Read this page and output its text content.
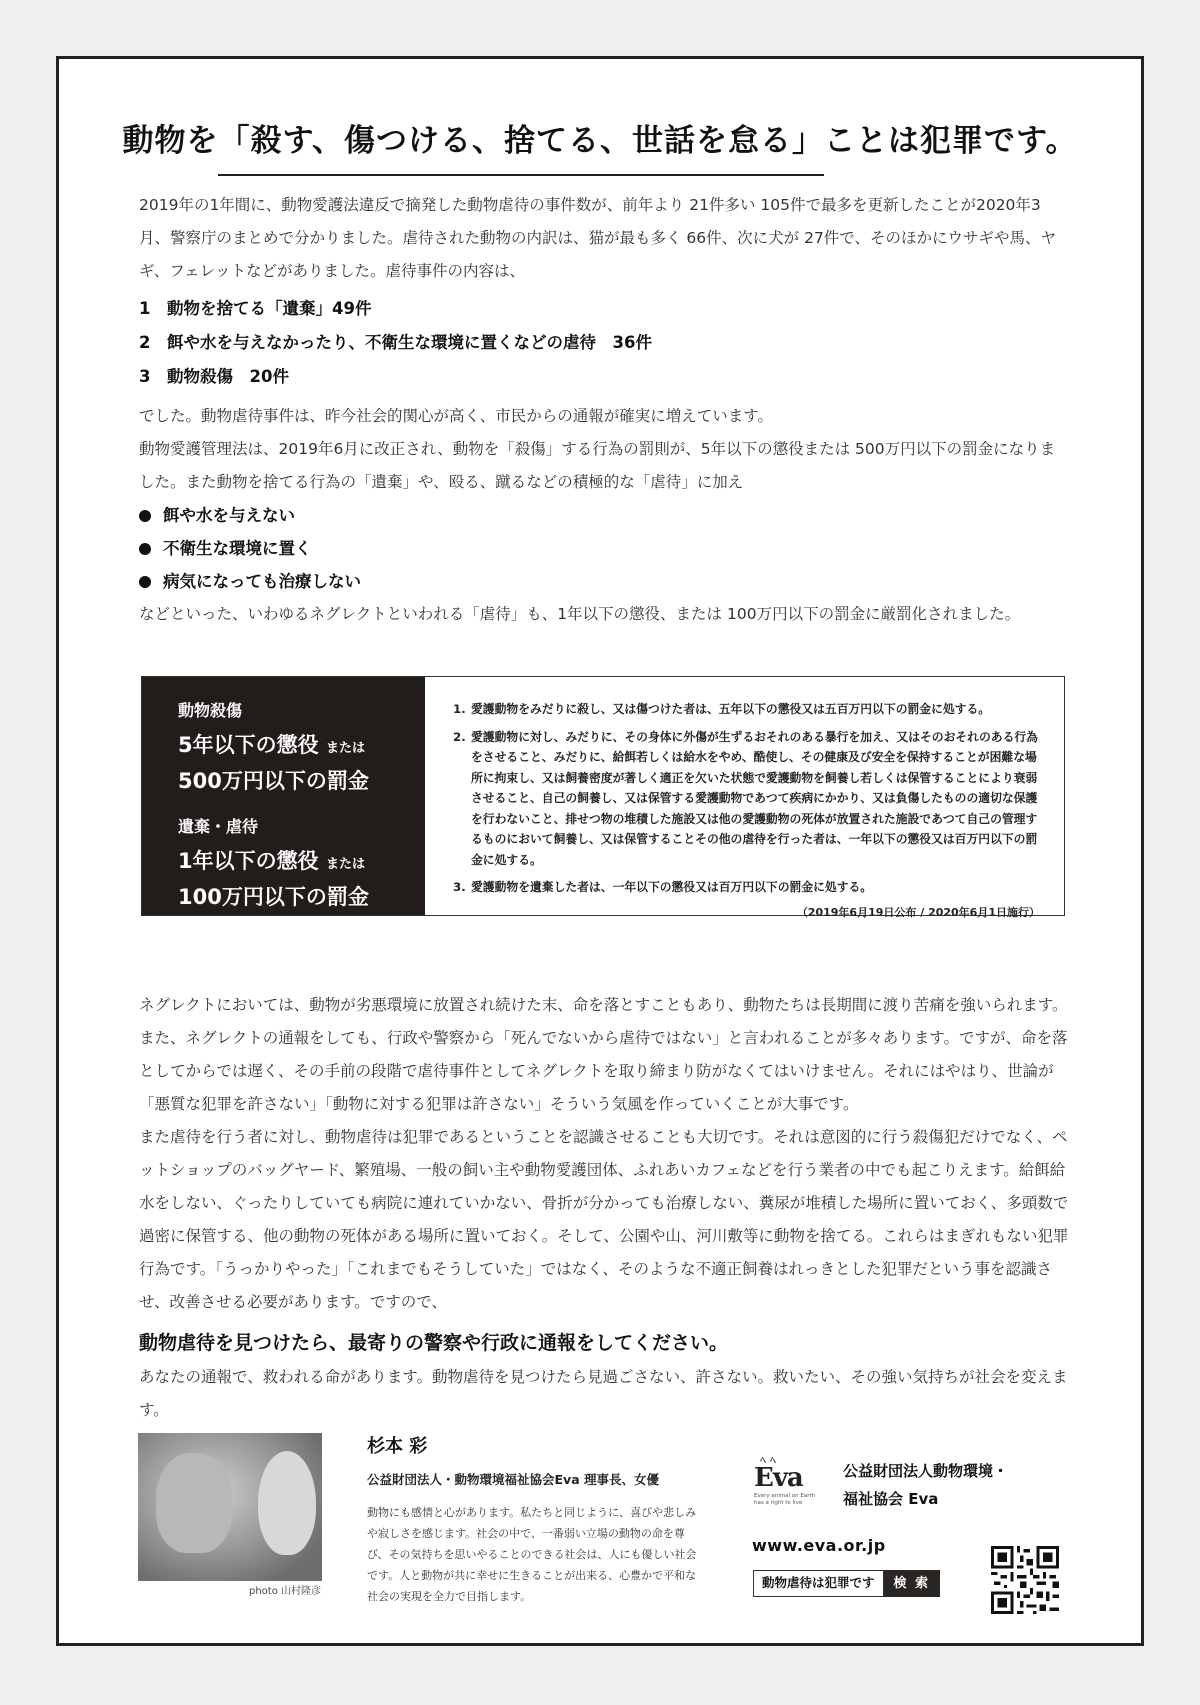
動物を「殺す、傷つける、捨てる、世話を怠る」ことは犯罪です。

2019年の1年間に、動物愛護法違反で摘発した動物虐待の事件数が、前年より 21件多い 105件で最多を更新したことが2020年3月、警察庁のまとめで分かりました。虐待された動物の内訳は、猫が最も多く 66件、次に犬が 27件で、そのほかにウサギや馬、ヤギ、フェレットなどがありました。虐待事件の内容は、

1　動物を捨てる「遺棄」49件
2　餌や水を与えなかったり、不衛生な環境に置くなどの虐待　36件
3　動物殺傷　20件

でした。動物虐待事件は、昨今社会的関心が高く、市民からの通報が確実に増えています。

動物愛護管理法は、2019年6月に改正され、動物を「殺傷」する行為の罰則が、5年以下の懲役または 500万円以下の罰金になりました。また動物を捨てる行為の「遺棄」や、殴る、蹴るなどの積極的な「虐待」に加え

餌や水を与えない
不衛生な環境に置く
病気になっても治療しない

などといった、いわゆるネグレクトといわれる「虐待」も、1年以下の懲役、または 100万円以下の罰金に厳罰化されました。

動物殺傷
5年以下の懲役 または
500万円以下の罰金
遺棄・虐待
1年以下の懲役 または
100万円以下の罰金
1. 愛護動物をみだりに殺し、又は傷つけた者は、五年以下の懲役又は五百万円以下の罰金に処する。
2. 愛護動物に対し、みだりに、その身体に外傷が生ずるおそれのある暴行を加え、又はそのおそれのある行為をさせること、みだりに、給餌若しくは給水をやめ、酷使し、その健康及び安全を保持することが困難な場所に拘束し、又は飼養密度が著しく適正を欠いた状態で愛護動物を飼養し若しくは保管することにより衰弱させること、自己の飼養し、又は保管する愛護動物であつて疾病にかかり、又は負傷したものの適切な保護を行わないこと、排せつ物の堆積した施設又は他の愛護動物の死体が放置された施設であつて自己の管理するものにおいて飼養し、又は保管することその他の虐待を行った者は、一年以下の懲役又は百万円以下の罰金に処する。
3. 愛護動物を遺棄した者は、一年以下の懲役又は百万円以下の罰金に処する。
（2019年6月19日公布 / 2020年6月1日施行）

ネグレクトにおいては、動物が劣悪環境に放置され続けた末、命を落とすこともあり、動物たちは長期間に渡り苦痛を強いられます。また、ネグレクトの通報をしても、行政や警察から「死んでないから虐待ではない」と言われることが多々あります。ですが、命を落としてからでは遅く、その手前の段階で虐待事件としてネグレクトを取り締まり防がなくてはいけません。それにはやはり、世論が「悪質な犯罪を許さない」「動物に対する犯罪は許さない」そういう気風を作っていくことが大事です。

また虐待を行う者に対し、動物虐待は犯罪であるということを認識させることも大切です。それは意図的に行う殺傷犯だけでなく、ペットショップのバッグヤード、繁殖場、一般の飼い主や動物愛護団体、ふれあいカフェなどを行う業者の中でも起こりえます。給餌給水をしない、ぐったりしていても病院に連れていかない、骨折が分かっても治療しない、糞尿が堆積した場所に置いておく、多頭数で過密に保管する、他の動物の死体がある場所に置いておく。そして、公園や山、河川敷等に動物を捨てる。これらはまぎれもない犯罪行為です。「うっかりやった」「これまでもそうしていた」ではなく、そのような不適正飼養はれっきとした犯罪だという事を認識させ、改善させる必要があります。ですので、

動物虐待を見つけたら、最寄りの警察や行政に通報をしてください。

あなたの通報で、救われる命があります。動物虐待を見つけたら見過ごさない、許さない。救いたい、その強い気持ちが社会を変えます。

photo 山村隆彦
杉本 彩
公益財団法人・動物環境福祉協会Eva 理事長、女優
動物にも感情と心があります。私たちと同じように、喜びや悲しみや寂しさを感じます。社会の中で、一番弱い立場の動物の命を尊び、その気持ちを思いやることのできる社会は、人にも優しい社会です。人と動物が共に幸せに生きることが出来る、心豊かで平和な社会の実現を全力で目指します。
ﾍ ﾍ
Eva
Every animal on Earth has a right to live
公益財団法人動物環境・
福祉協会 Eva
www.eva.or.jp
動物虐待は犯罪です	検 索
